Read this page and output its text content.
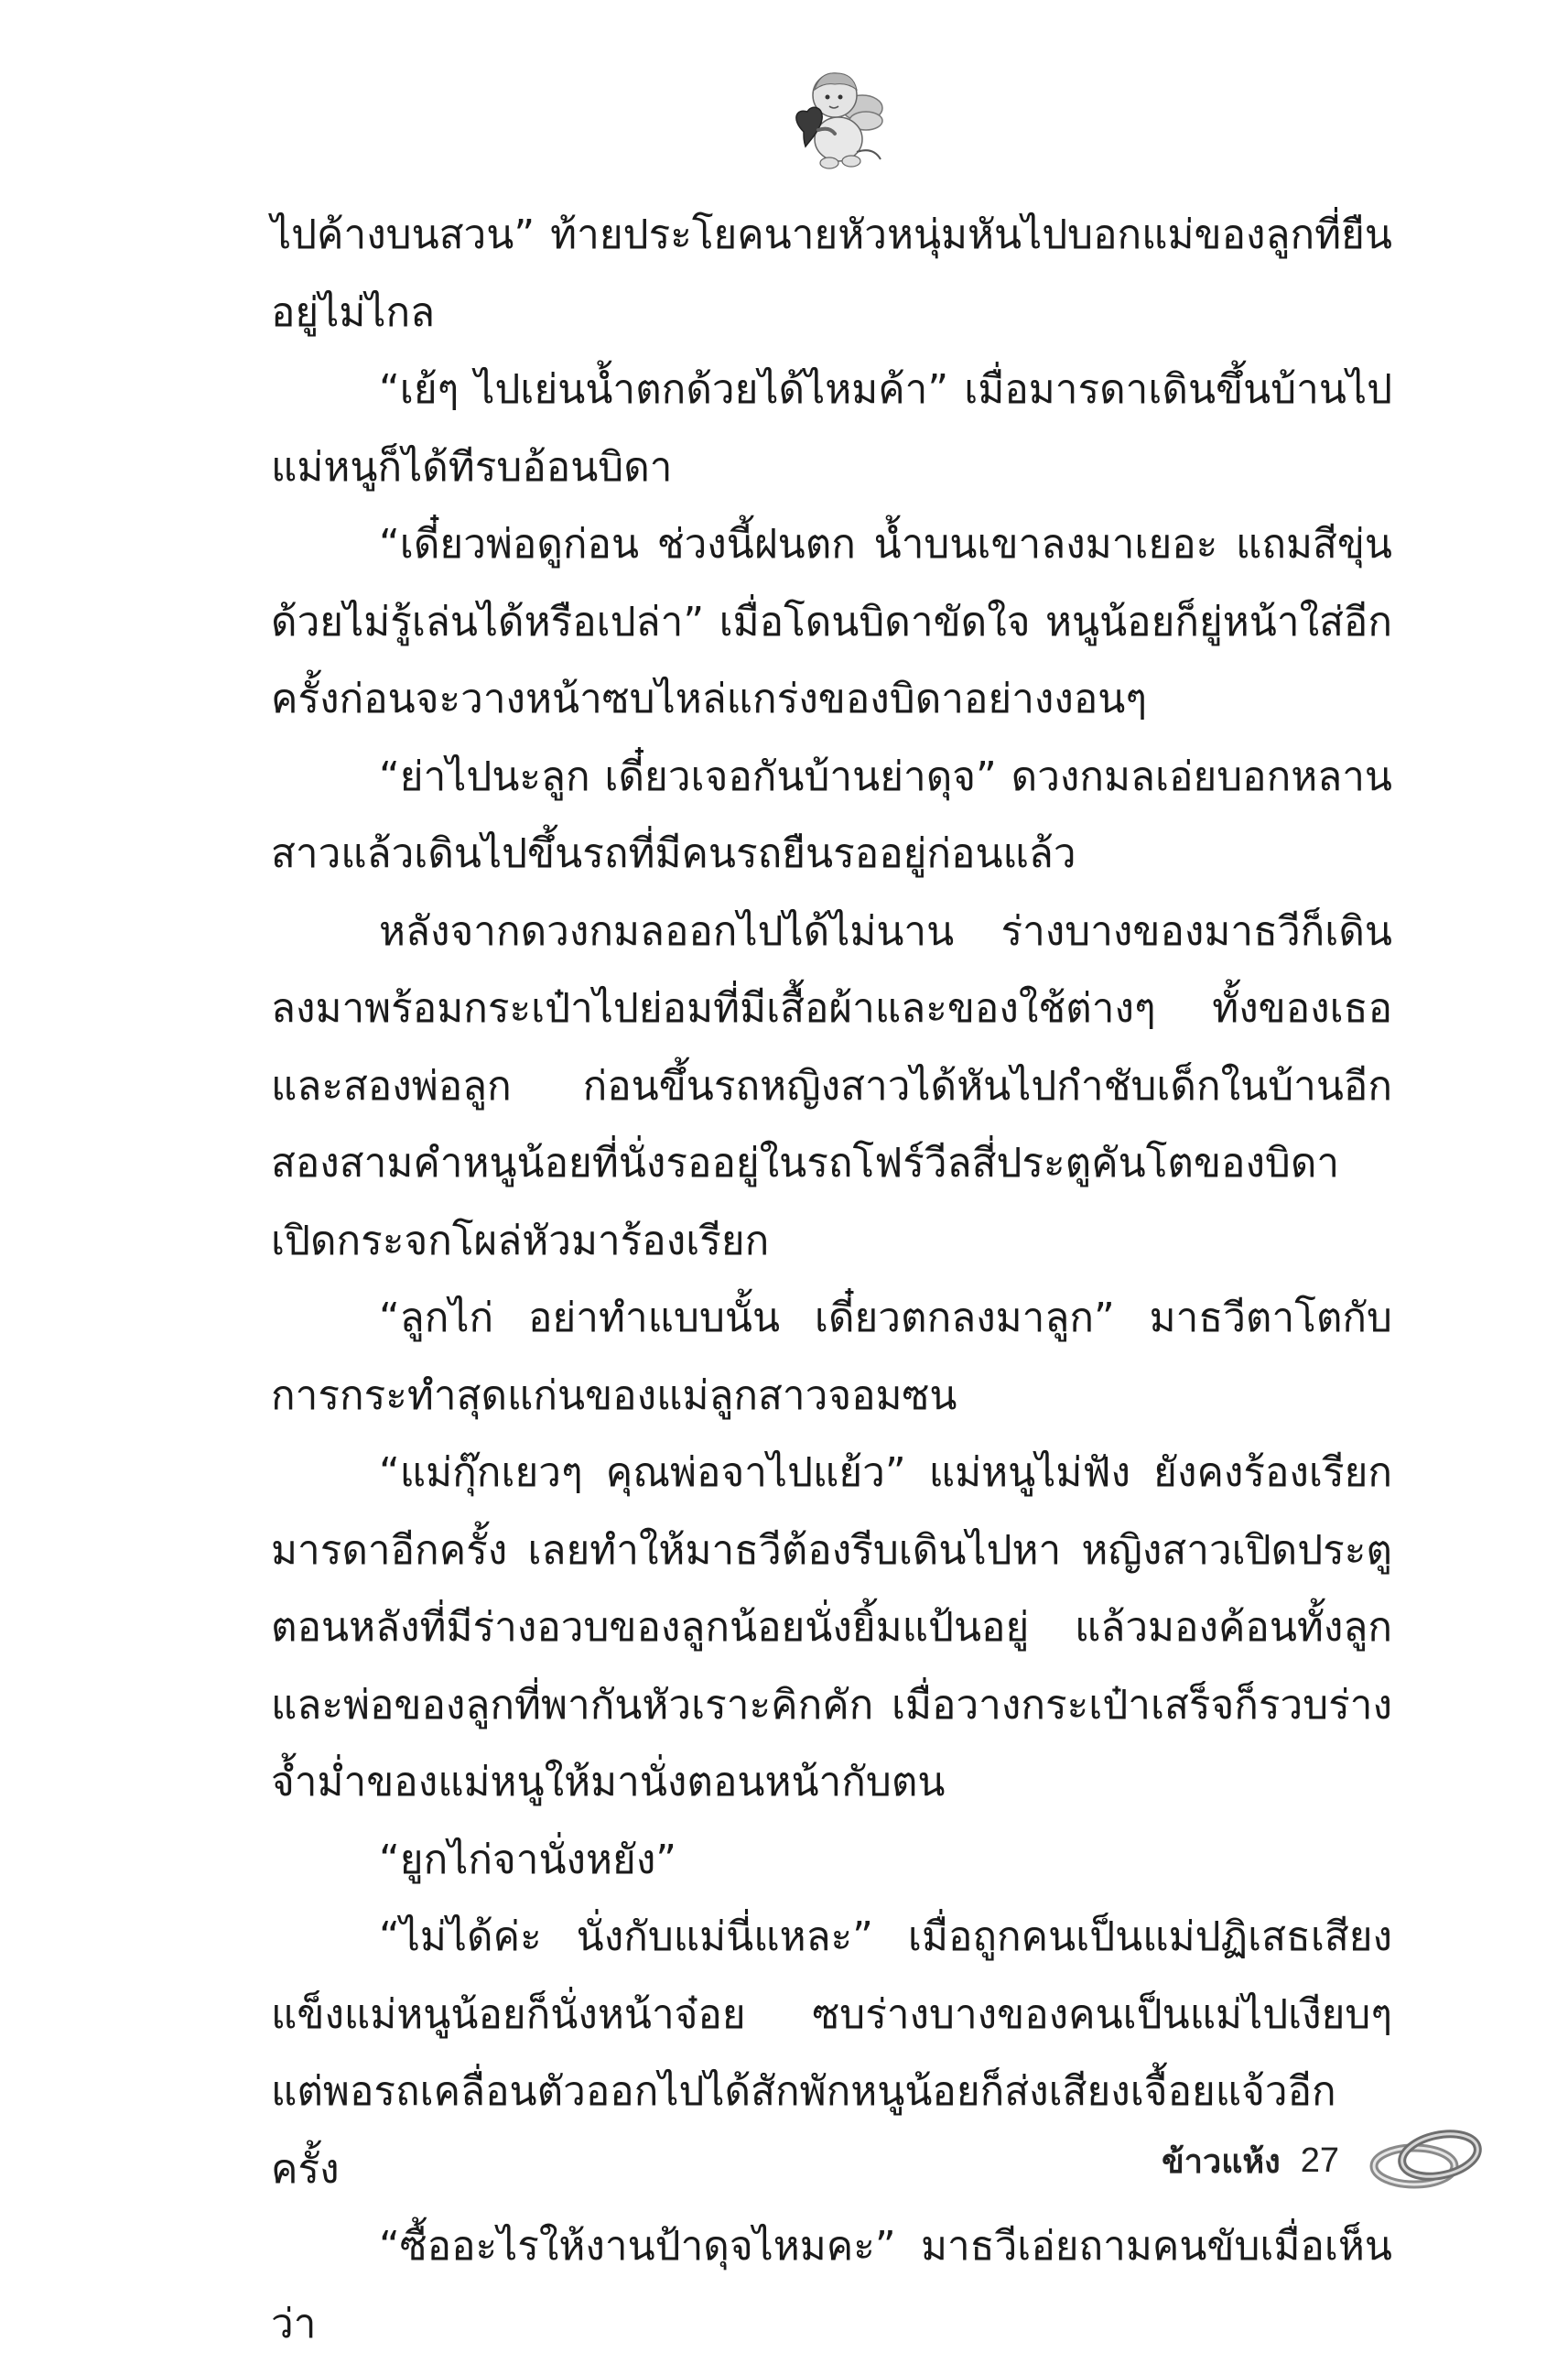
ไปค้างบนสวน” ท้ายประโยคนายหัวหนุ่มหันไปบอกแม่ของลูกที่ยืนอยู่ไม่ไกล

“เย้ๆ ไปเย่นน้ำตกด้วยได้ไหมค้า” เมื่อมารดาเดินขึ้นบ้านไปแม่หนูก็ได้ทีรบอ้อนบิดา

“เดี๋ยวพ่อดูก่อน ช่วงนี้ฝนตก น้ำบนเขาลงมาเยอะ แถมสีขุ่นด้วยไม่รู้เล่นได้หรือเปล่า” เมื่อโดนบิดาขัดใจ หนูน้อยก็ยู่หน้าใส่อีกครั้งก่อนจะวางหน้าซบไหล่แกร่งของบิดาอย่างงอนๆ

“ย่าไปนะลูก เดี๋ยวเจอกันบ้านย่าดุจ” ดวงกมลเอ่ยบอกหลานสาวแล้วเดินไปขึ้นรถที่มีคนรถยืนรออยู่ก่อนแล้ว

หลังจากดวงกมลออกไปได้ไม่นาน ร่างบางของมาธวีก็เดินลงมาพร้อมกระเป๋าไปย่อมที่มีเสื้อผ้าและของใช้ต่างๆ ทั้งของเธอและสองพ่อลูก ก่อนขึ้นรถหญิงสาวได้หันไปกำชับเด็กในบ้านอีกสองสามคำหนูน้อยที่นั่งรออยู่ในรถโฟร์วีลสี่ประตูคันโตของบิดาเปิดกระจกโผล่หัวมาร้องเรียก

“ลูกไก่ อย่าทำแบบนั้น เดี๋ยวตกลงมาลูก” มาธวีตาโตกับการกระทำสุดแก่นของแม่ลูกสาวจอมซน

“แม่กุ๊กเยวๆ คุณพ่อจาไปแย้ว” แม่หนูไม่ฟัง ยังคงร้องเรียกมารดาอีกครั้ง เลยทำให้มาธวีต้องรีบเดินไปหา หญิงสาวเปิดประตูตอนหลังที่มีร่างอวบของลูกน้อยนั่งยิ้มแป้นอยู่ แล้วมองค้อนทั้งลูกและพ่อของลูกที่พากันหัวเราะคิกคัก เมื่อวางกระเป๋าเสร็จก็รวบร่างจ้ำม่ำของแม่หนูให้มานั่งตอนหน้ากับตน

“ยูกไก่จานั่งหยัง”

“ไม่ได้ค่ะ นั่งกับแม่นี่แหละ” เมื่อถูกคนเป็นแม่ปฏิเสธเสียงแข็งแม่หนูน้อยก็นั่งหน้าจ๋อย ซบร่างบางของคนเป็นแม่ไปเงียบๆ แต่พอรถเคลื่อนตัวออกไปได้สักพักหนูน้อยก็ส่งเสียงเจื้อยแจ้วอีกครั้ง

“ซื้ออะไรให้งานป้าดุจไหมคะ” มาธวีเอ่ยถามคนขับเมื่อเห็นว่า

ข้าวแห้ง 27
